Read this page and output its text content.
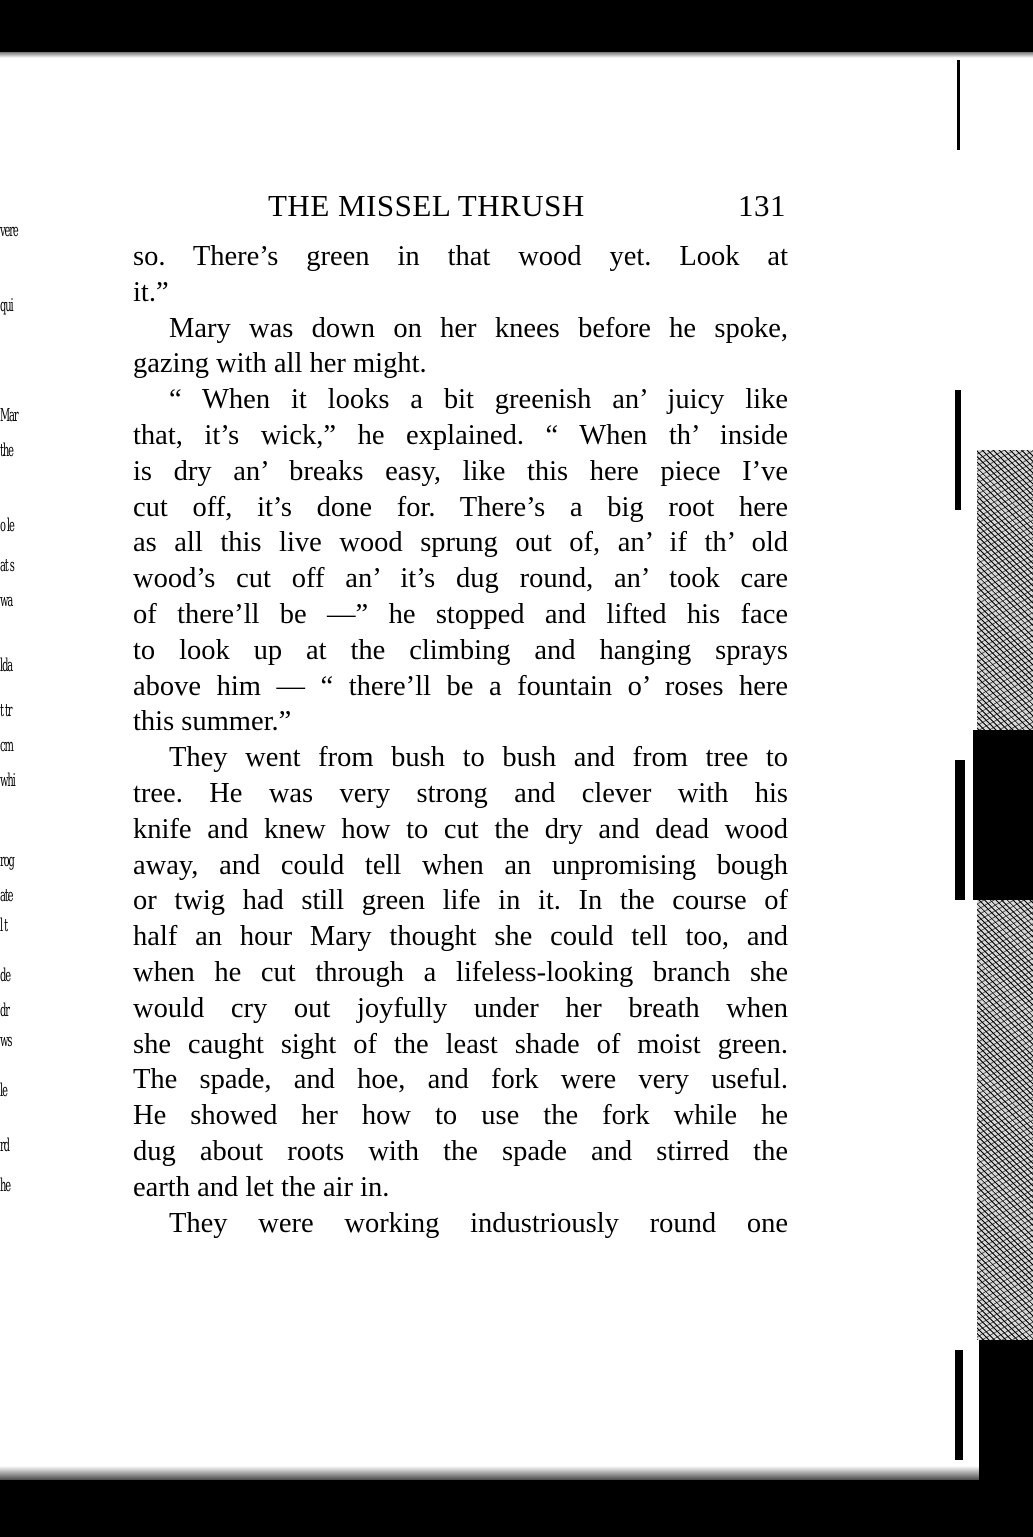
vere
qui
Mar
the
o le
at s
wa
lda
t tr
cm
whi
rog
ate
l t
de
dr
ws
le
rd
he
THE MISSEL THRUSH	131
so. There’s green in that wood yet. Look at
it.”
Mary was down on her knees before he spoke,
gazing with all her might.
“ When it looks a bit greenish an’ juicy like
that, it’s wick,” he explained. “ When th’ inside
is dry an’ breaks easy, like this here piece I’ve
cut off, it’s done for. There’s a big root here
as all this live wood sprung out of, an’ if th’ old
wood’s cut off an’ it’s dug round, an’ took care
of there’ll be —” he stopped and lifted his face
to look up at the climbing and hanging sprays
above him — “ there’ll be a fountain o’ roses here
this summer.”
They went from bush to bush and from tree to
tree. He was very strong and clever with his
knife and knew how to cut the dry and dead wood
away, and could tell when an unpromising bough
or twig had still green life in it. In the course of
half an hour Mary thought she could tell too, and
when he cut through a lifeless-looking branch she
would cry out joyfully under her breath when
she caught sight of the least shade of moist green.
The spade, and hoe, and fork were very useful.
He showed her how to use the fork while he
dug about roots with the spade and stirred the
earth and let the air in.
They were working industriously round one
